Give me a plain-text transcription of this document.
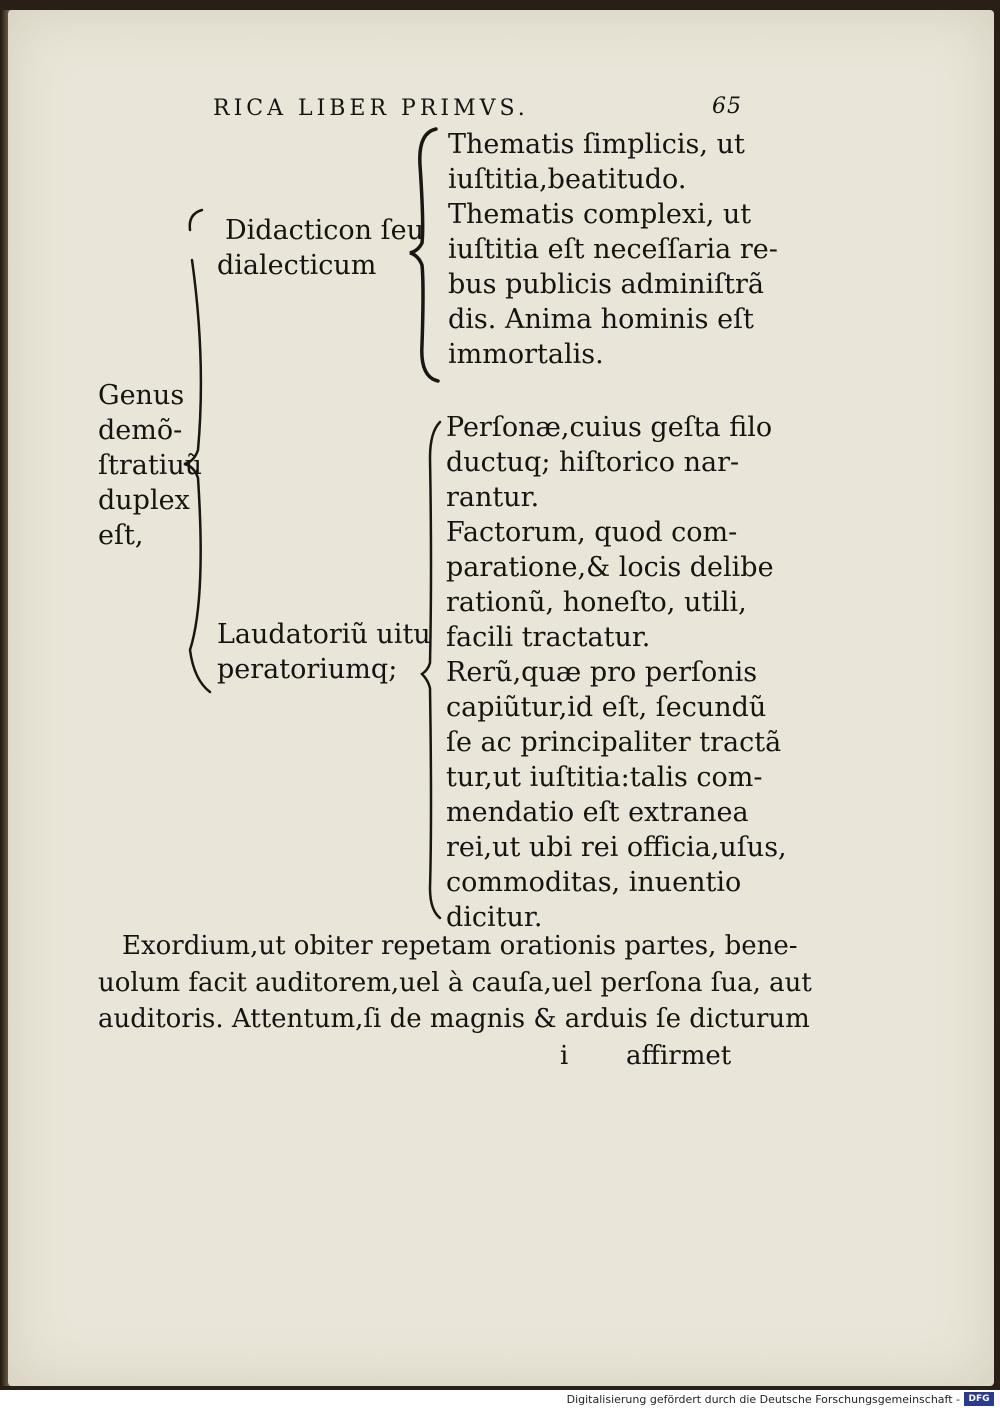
RICA LIBER PRIMVS.	65
Genus
demõ-
ſtratiuũ
duplex
eſt,
Didacticon ſeu
dialecticum
Thematis ſimplicis, ut
iuſtitia,beatitudo.
Thematis complexi, ut
iuſtitia eſt neceſſaria re-
bus publicis adminiſtrã
dis. Anima hominis eſt
immortalis.
Laudatoriũ uitu
peratoriumq;
Perſonæ,cuius geſta filo
ductuq; hiſtorico nar-
rantur.
Factorum, quod com-
paratione,& locis delibe
rationũ, honeſto, utili,
facili tractatur.
Rerũ,quæ pro perſonis
capiũtur,id eſt, ſecundũ
ſe ac principaliter tractã
tur,ut iuſtitia:talis com-
mendatio eſt extranea
rei,ut ubi rei officia,uſus,
commoditas, inuentio
dicitur.
Exordium,ut obiter repetam orationis partes, bene-
uolum facit auditorem,uel à cauſa,uel perſona ſua, aut
auditoris. Attentum,ſi de magnis & arduis ſe dicturum
i affirmet
Digitalisierung gefördert durch die Deutsche Forschungsgemeinschaft - DFG
